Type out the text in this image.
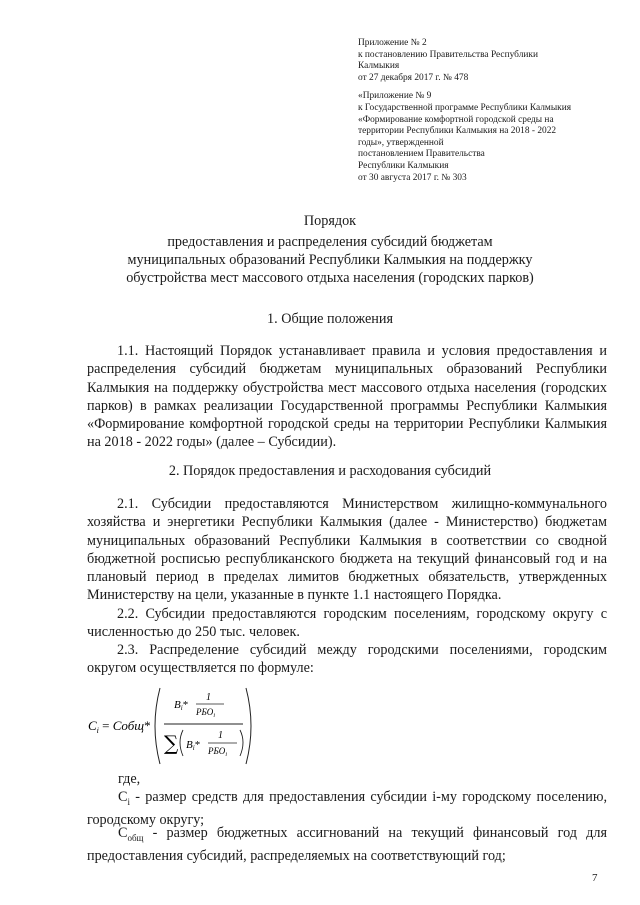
Приложение № 2
к постановлению Правительства Республики
Калмыкия
от 27 декабря 2017 г. № 478
«Приложение № 9
к Государственной программе Республики Калмыкия
«Формирование комфортной городской среды на
территории Республики Калмыкия на 2018 - 2022
годы», утвержденной
постановлением Правительства
Республики Калмыкия
от 30 августа 2017 г. № 303
Порядок
предоставления и распределения субсидий бюджетам
муниципальных образований Республики Калмыкия на поддержку
обустройства мест массового отдыха населения (городских парков)
1. Общие положения

1.1. Настоящий Порядок устанавливает правила и условия предоставления и распределения субсидий бюджетам муниципальных образований Республики Калмыкия на поддержку обустройства мест массового отдыха населения (городских парков) в рамках реализации Государственной программы Республики Калмыкия «Формирование комфортной городской среды на территории Республики Калмыкия на 2018 - 2022 годы» (далее – Субсидии).

2. Порядок предоставления и расходования субсидий

2.1. Субсидии предоставляются Министерством жилищно-коммунального хозяйства и энергетики Республики Калмыкия (далее - Министерство) бюджетам муниципальных образований Республики Калмыкия в соответствии со сводной бюджетной росписью республиканского бюджета на текущий финансовый год и на плановый период в пределах лимитов бюджетных обязательств, утвержденных Министерству на цели, указанные в пункте 1.1 настоящего Порядка.

2.2. Субсидии предоставляются городским поселениям, городскому округу с численностью до 250 тыс. человек.

2.3. Распределение субсидий между городскими поселениями, городским округом осуществляется по формуле:

$C_i$ = Cобщ*
Bi*
1
$РБО_i$
∑ Bi*
1
$РБО_i$

где,

$C_i$ - размер средств для предоставления субсидии i-му городскому поселению, городскому округу;

$C_{общ}$ - размер бюджетных ассигнований на текущий финансовый год для предоставления субсидий, распределяемых на соответствующий год;

7
